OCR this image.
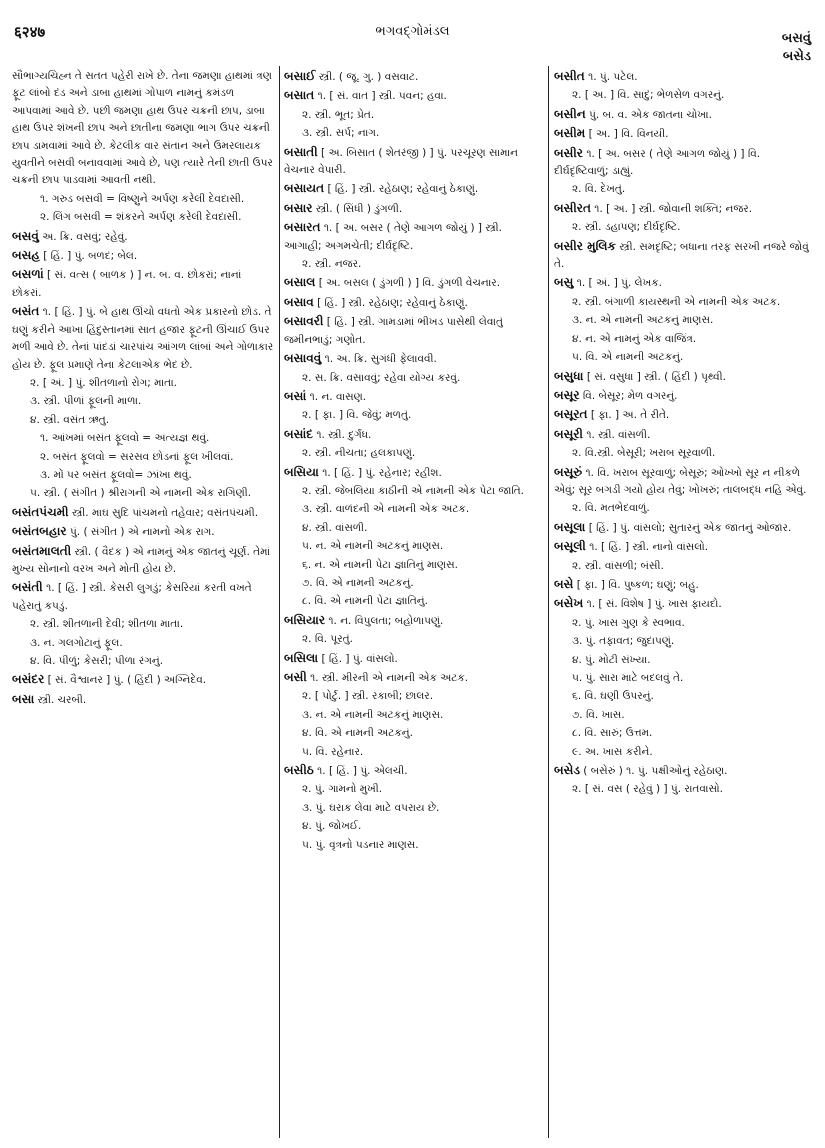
६२४७	ભગવદ્ગોમંડલ	બસવું
બસેડ
સૌભાગ્યચિહ્ન તે સતત પહેરી રાખે છે. તેના જમણા હાથમાં ત્રણ ફૂટ લાંબો દંડ અને ડાબા હાથમાં ગોપાળ નામનું કમંડળ આપવામાં આવે છે. પછી જમણા હાથ ઉપર ચક્રની છાપ, ડાબા હાથ ઉપર શંખની છાપ અને છાતીના જમણા ભાગ ઉપર ચક્રની છાપ ડામવામાં આવે છે. કેટલીક વાર સંતાન અને ઉમરલાયક યુવતીને બસવી બનાવવામાં આવે છે, પણ ત્યારે તેની છાતી ઉપર ચક્રની છાપ પાડવામાં આવતી નથી.
૧. ગરુડ બસવી = વિષ્ણુને અર્પણ કરેલી દેવદાસી.
૨. લિંગ બસવી = શંકરને અર્પણ કરેલી દેવદાસી.
બસવું અ. ક્રિ. વસવું; રહેવું.
બસહ [ હિં. ] પું. બળદ; બેલ.
બસળાં [ સં. વત્સ ( બાળક ) ] ન. બ. વ. છોકરાં; નાનાં છોકરાં.
બસંત ૧. [ હિં. ] પું. બે હાથ ઊંચો વધતો એક પ્રકારનો છોડ. તે ઘણું કરીને આખા હિંદુસ્તાનમાં સાત હજાર ફૂટની ઊંચાઈ ઉપર મળી આવે છે. તેનાં પાંદડાં ચારપાંચ આંગળ લાંબાં અને ગોળાકાર હોય છે. ફૂલ પ્રમાણે તેના કેટલાએક ભેદ છે.
૨. [ અં. ] પું. શીતળાનો રોગ; માતા.
૩. સ્ત્રી. પીળાં ફૂલની માળા.
૪. સ્ત્રી. વસંત ઋતુ.
૧. આંખમાં બસંત ફૂલવો = અત્યજ્ઞ થવું.
૨. બસંત ફૂલવો = સરસવ છોડનાં ફૂલ ખીલવાં.
૩. મોં પર બસંત ફૂલવો= ઝાંખા થવું.
૫. સ્ત્રી. ( સંગીત ) શ્રીરાગની એ નામની એક રાગિણી.
બસંતપંચમી સ્ત્રી. માઘ સુદિ પાંચમનો તહેવાર; વસંતપંચમી.
બસંતબહાર પું. ( સંગીત ) એ નામનો એક રાગ.
બસંતમાલતી સ્ત્રી. ( વૈદક ) એ નામનું એક જાતનું ચૂર્ણ. તેમાં મુખ્ય સોનાનો વરખ અને મોતી હોય છે.
બસંતી ૧. [ હિં. ] સ્ત્રી. કેસરી લુગડું; કેસરિયાં કરતી વખતે પહેરાતું કપડું.
૨. સ્ત્રી. શીતળાની દેવી; શીતળા માતા.
૩. ન. ગલગોટાનું ફૂલ.
૪. વિ. પીળું; કેસરી; પીળા રંગનું.
બસંદર [ સં. વૈશ્વાનર ] પું. ( હિંદી ) અગ્નિદેવ.
બસા સ્ત્રી. ચરબી.
બસાઈ સ્ત્રી. ( જૂ. ગુ. ) વસવાટ.
બસાત ૧. [ સં. વાત ] સ્ત્રી. પવન; હવા.
૨. સ્ત્રી. ભૂત; પ્રેત.
૩. સ્ત્રી. સર્પ; નાગ.
બસાતી [ અ. બિસાત ( શેતરંજી ) ] પું. પરચૂરણ સામાન વેચનાર વેપારી.
બસાયત [ હિં. ] સ્ત્રી. રહેઠાણ; રહેવાનું ઠેકાણું.
બસાર સ્ત્રી. ( સિંધી ) ડુંગળી.
બસારત ૧. [ અ. બસર ( તેણે આગળ જોયું ) ] સ્ત્રી. આગાહી; અગમચેતી; દીર્ઘદૃષ્ટિ.
૨. સ્ત્રી. નજર.
બસાલ [ અ. બસલ ( ડુંગળી ) ] વિ. ડુંગળી વેચનાર.
બસાવ [ હિં. ] સ્ત્રી. રહેઠાણ; રહેવાનું ઠેકાણું.
બસાવરી [ હિં. ] સ્ત્રી. ગામડામાં ભીખડ પાસેથી લેવાતું જમીનભાડું; ગણોત.
બસાવવું ૧. અ. ક્રિ. સુગંધી ફેલાવવી.
૨. સ. ક્રિ. વસાવવું; રહેવા યોગ્ય કરવું.
બસાં ૧. ન. વાસણ.
૨. [ ફા. ] વિ. જેવું; મળતું.
બસાંદ ૧. સ્ત્રી. દુર્ગંધ.
૨. સ્ત્રી. નીચતા; હલકાપણું.
બસિયા ૧. [ હિં. ] પું. રહેનાર; રહીશ.
૨. સ્ત્રી. જેબલિયા કાઠીની એ નામની એક પેટા જાતિ.
૩. સ્ત્રી. વાળંદની એ નામની એક અટક.
૪. સ્ત્રી. વાંસળી.
૫. ન. એ નામની અટકનું માણસ.
૬. ન. એ નામની પેટા જ્ઞાતિનું માણસ.
૭. વિ. એ નામની અટકનું.
૮. વિ. એ નામની પેટા જ્ઞાતિનું.
બસિયાર ૧. ન. વિપુલતા; બહોળાપણું.
૨. વિ. પૂરતું.
બસિલા [ હિં. ] પું. વાંસલો.
બસી ૧. સ્ત્રી. મીરની એ નામની એક અટક.
૨. [ પોર્ટુ. ] સ્ત્રી. રકાબી; છાલર.
૩. ન. એ નામની અટકનું માણસ.
૪. વિ. એ નામની અટકનું.
૫. વિ. રહેનાર.
બસીઠ ૧. [ હિં. ] પું. એલચી.
૨. પું. ગામનો મુખી.
૩. પું. ઘરાક લેવા માટે વપરાય છે.
૪. પું. જોખઈ.
૫. પું. વૃત્રનો પડનાર માણસ.
બસીત ૧. પું. પટેલ.
૨. [ અ. ] વિ. સાદું; ભેળસેળ વગરનું.
બસીન પું. બ. વ. એક જાતના ચોખા.
બસીમ [ અ. ] વિ. વિનયી.
બસીર ૧. [ અ. બસર ( તેણે આગળ જોયું ) ] વિ. દીર્ઘદૃષ્ટિવાળું; ડાહ્યું.
૨. વિ. દેખતું.
બસીરત ૧. [ અ. ] સ્ત્રી. જોવાની શક્તિ; નજર.
૨. સ્ત્રી. ડહાપણ; દીર્ઘદૃષ્ટિ.
બસીર મુલિક સ્ત્રી. સમદૃષ્ટિ; બધાના તરફ સરખી નજરે જોવું તે.
બસુ ૧. [ અં. ] પું. લેખક.
૨. સ્ત્રી. બંગાળી કાયસ્થની એ નામની એક અટક.
૩. ન. એ નામની અટકનું માણસ.
૪. ન. એ નામનું એક વાજિંત્ર.
૫. વિ. એ નામની અટકનું.
બસુધા [ સં. વસુધા ] સ્ત્રી. ( હિંદી ) પૃથ્વી.
બસૂર વિ. બેસૂર; મેળ વગરનું.
બસૂરત [ ફા. ] અ. તે રીતે.
બસૂરી ૧. સ્ત્રી. વાંસળી.
૨. વિ.સ્ત્રી. બેસૂરી; ખરાબ સૂરવાળી.
બસૂરું ૧. વિ. ખરાબ સૂરવાળું; બેસૂરું; ઓખ્ખો સૂર ન નીકળે એવું; સૂર બગડી ગયો હોય તેવું; ખોખરું; તાલબદ્ધ નહિ એવું.
૨. વિ. મતભેદવાળું.
બસૂલા [ હિં. ] પું. વાંસલો; સુતારનું એક જાતનું ઓજાર.
બસૂલી ૧. [ હિં. ] સ્ત્રી. નાનો વાંસલો.
૨. સ્ત્રી. વાંસળી; બંસી.
બસે [ ફા. ] વિ. પુષ્કળ; ઘણું; બહુ.
બસેખ ૧. [ સં. વિશેષ ] પું. ખાસ ફાયદો.
૨. પું. ખાસ ગુણ કે સ્વભાવ.
૩. પું. તફાવત; જુદાપણું.
૪. પું. મોટી સંખ્યા.
૫. પું. સારા માટે બદલવું તે.
૬. વિ. ઘણી ઉપરનું.
૭. વિ. ખાસ.
૮. વિ. સારું; ઉત્તમ.
૯. અ. ખાસ કરીને.
બસેડ ( બસેરું ) ૧. પું. પક્ષીઓનું રહેઠાણ.
૨. [ સં. વસ ( રહેવું ) ] પું. રાતવાસો.
